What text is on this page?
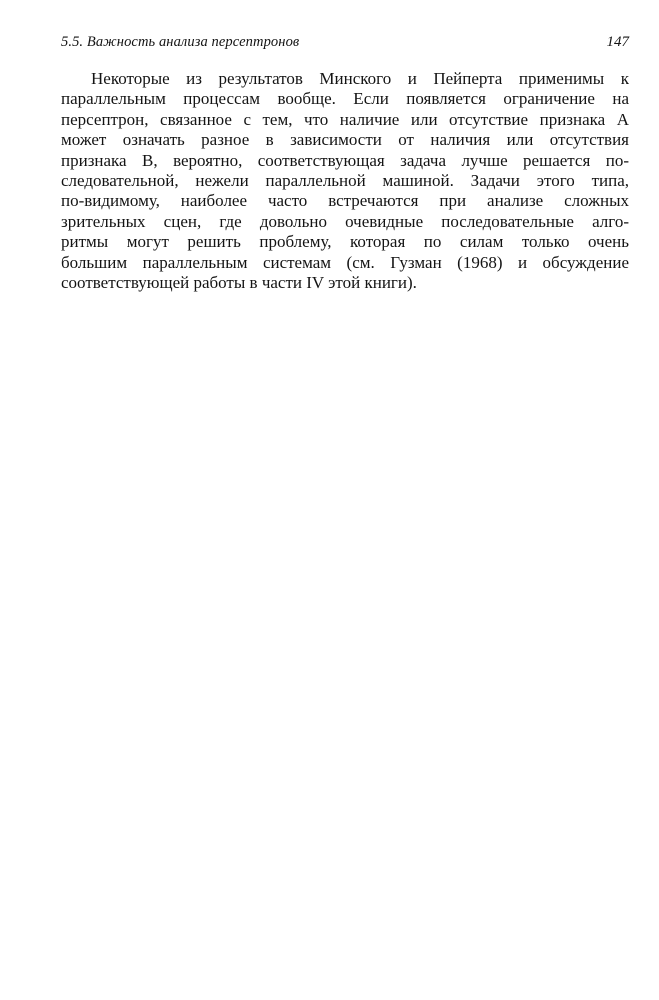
5.5. Важность анализа персептронов	147
Некоторые из результатов Минского и Пейперта применимы к
параллельным процессам вообще. Если появляется ограничение на
персептрон, связанное с тем, что наличие или отсутствие признака A
может означать разное в зависимости от наличия или отсутствия
признака B, вероятно, соответствующая задача лучше решается по-
следовательной, нежели параллельной машиной. Задачи этого типа,
по-видимому, наиболее часто встречаются при анализе сложных
зрительных сцен, где довольно очевидные последовательные алго-
ритмы могут решить проблему, которая по силам только очень
большим параллельным системам (см. Гузман (1968) и обсуждение
соответствующей работы в части IV этой книги).
